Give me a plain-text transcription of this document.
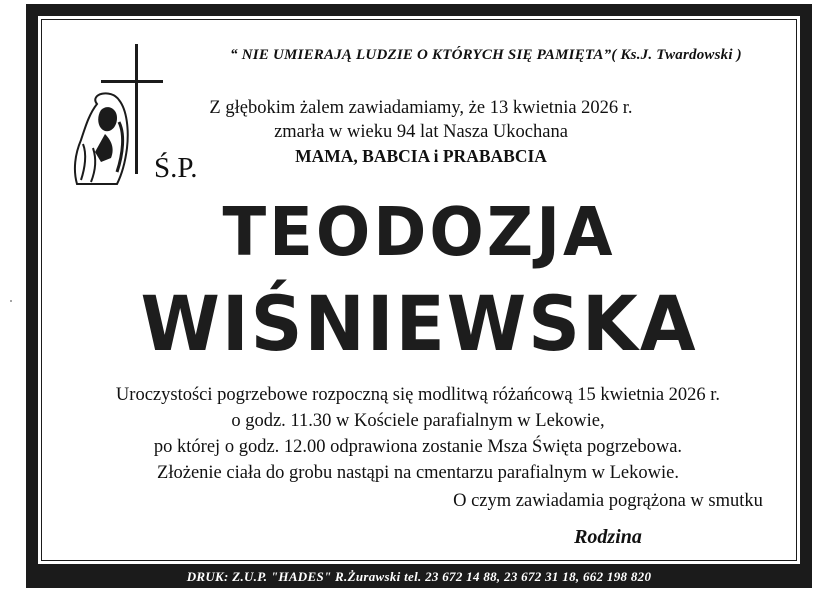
“ NIE UMIERAJĄ LUDZIE O KTÓRYCH SIĘ PAMIĘTA”( Ks.J. Twardowski )
Z głębokim żalem zawiadamiamy, że 13 kwietnia 2026 r.
zmarła w wieku 94 lat Nasza Ukochana
MAMA, BABCIA i PRABABCIA
Ś.P.
TEODOZJA
WIŚNIEWSKA
Uroczystości pogrzebowe rozpoczną się modlitwą różańcową 15 kwietnia 2026 r.
o godz. 11.30 w Kościele parafialnym w Lekowie,
po której o godz. 12.00 odprawiona zostanie Msza Święta pogrzebowa.
Złożenie ciała do grobu nastąpi na cmentarzu parafialnym w Lekowie.
O czym zawiadamia pogrążona w smutku
Rodzina
DRUK: Z.U.P. "HADES" R.Żurawski tel. 23 672 14 88, 23 672 31 18, 662 198 820
